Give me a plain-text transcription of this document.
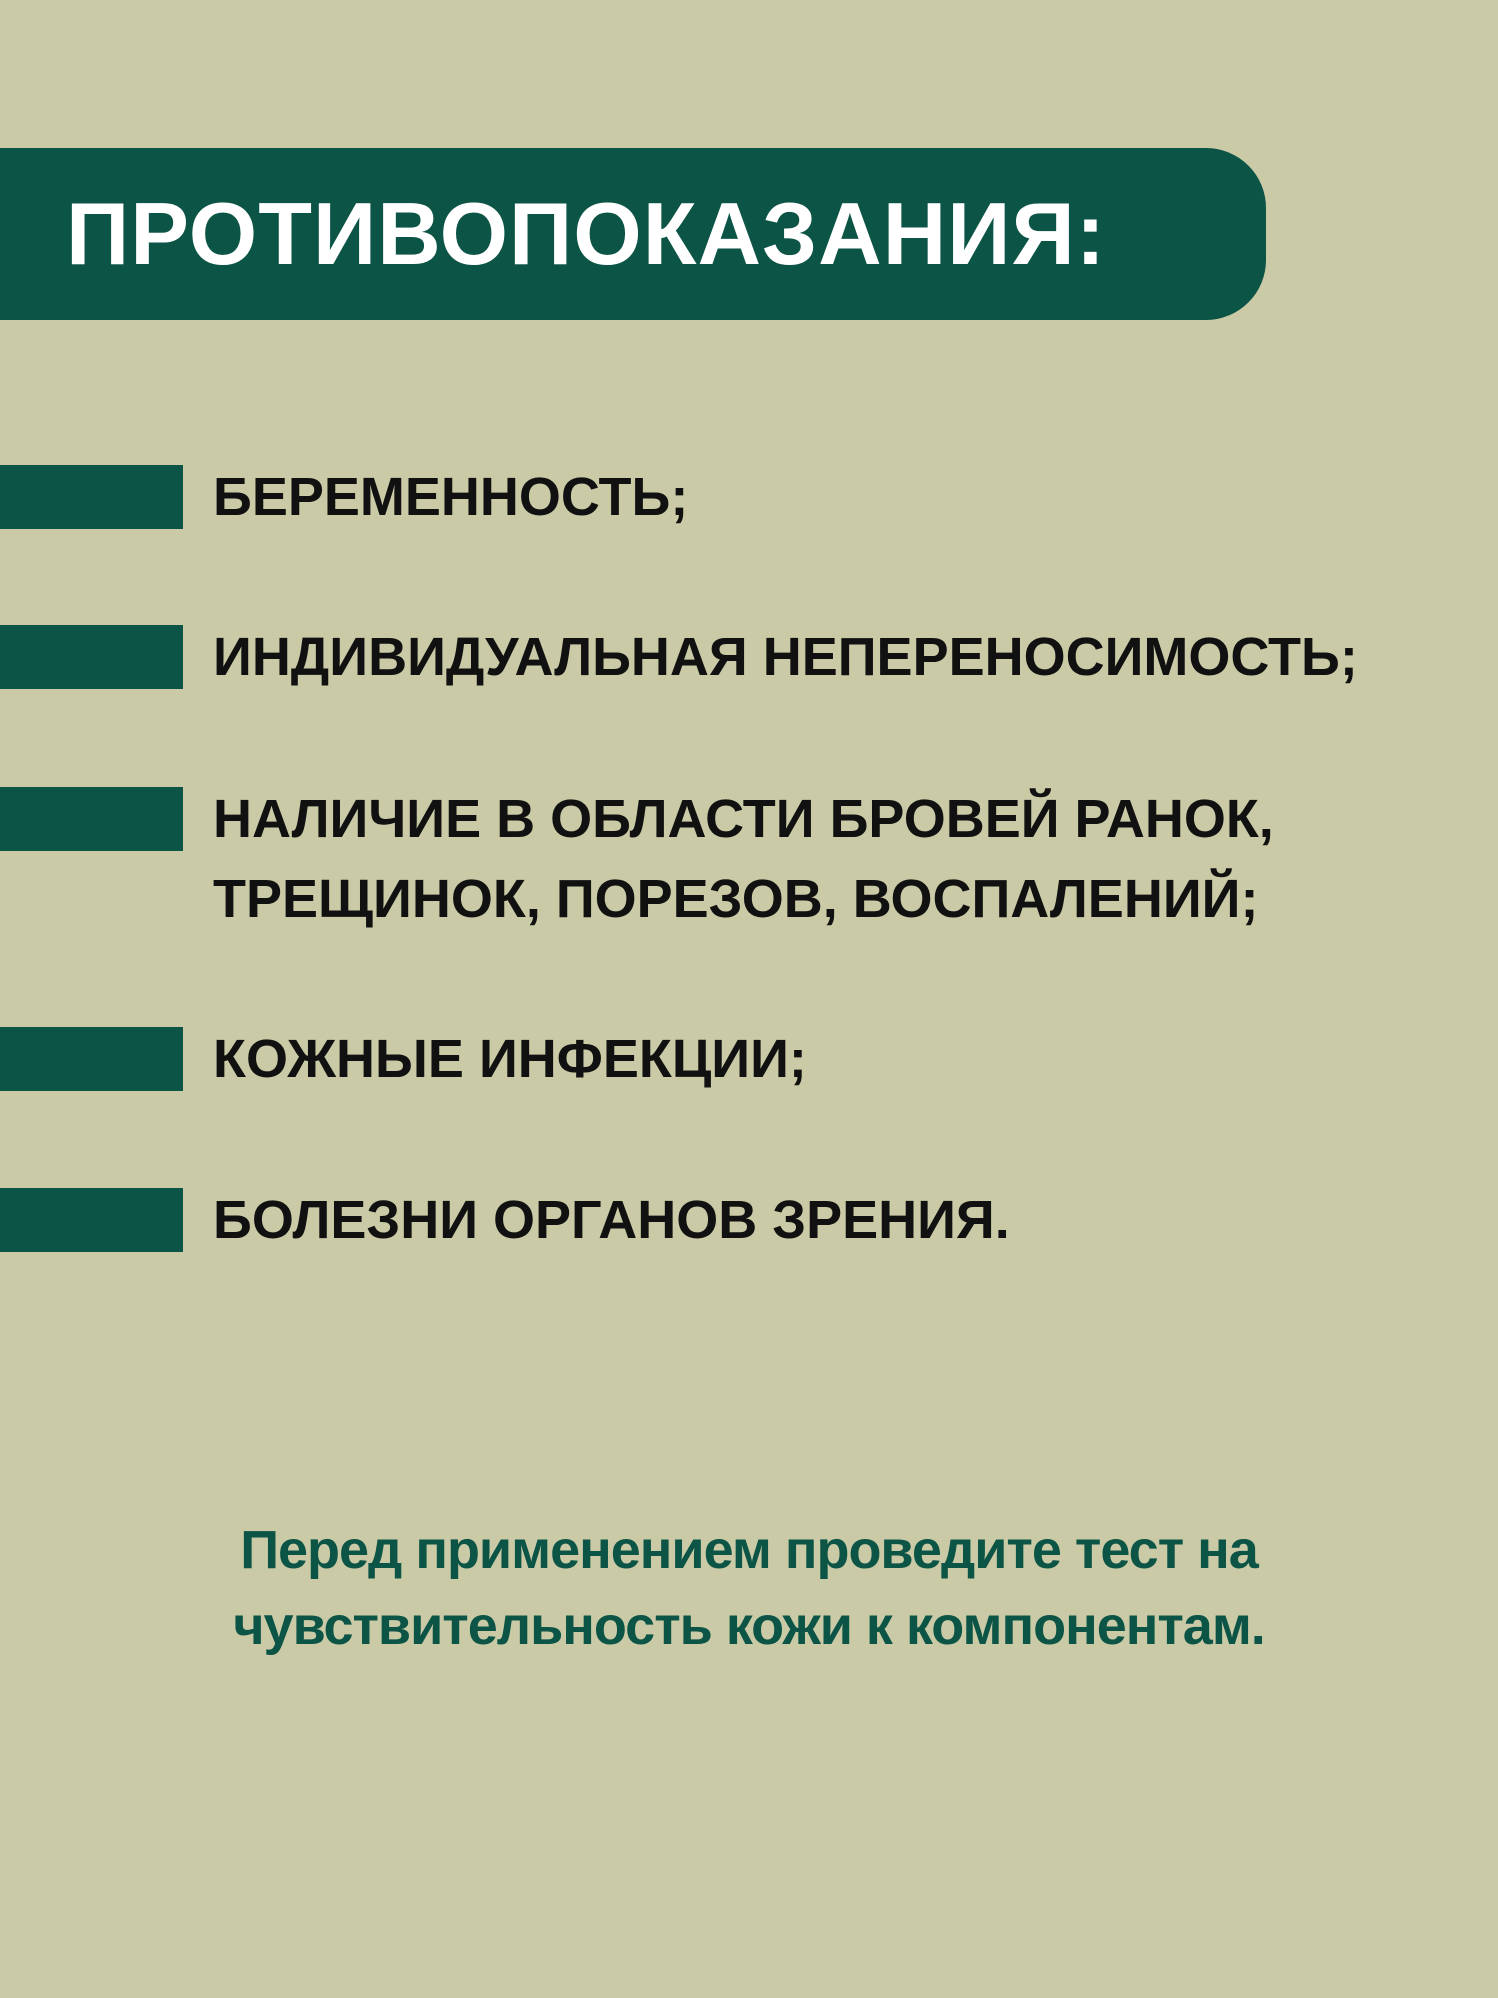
ПРОТИВОПОКАЗАНИЯ:
БЕРЕМЕННОСТЬ;
ИНДИВИДУАЛЬНАЯ НЕПЕРЕНОСИМОСТЬ;
НАЛИЧИЕ В ОБЛАСТИ БРОВЕЙ РАНОК,
ТРЕЩИНОК, ПОРЕЗОВ, ВОСПАЛЕНИЙ;
КОЖНЫЕ ИНФЕКЦИИ;
БОЛЕЗНИ ОРГАНОВ ЗРЕНИЯ.
Перед применением проведите тест на
чувствительность кожи к компонентам.
